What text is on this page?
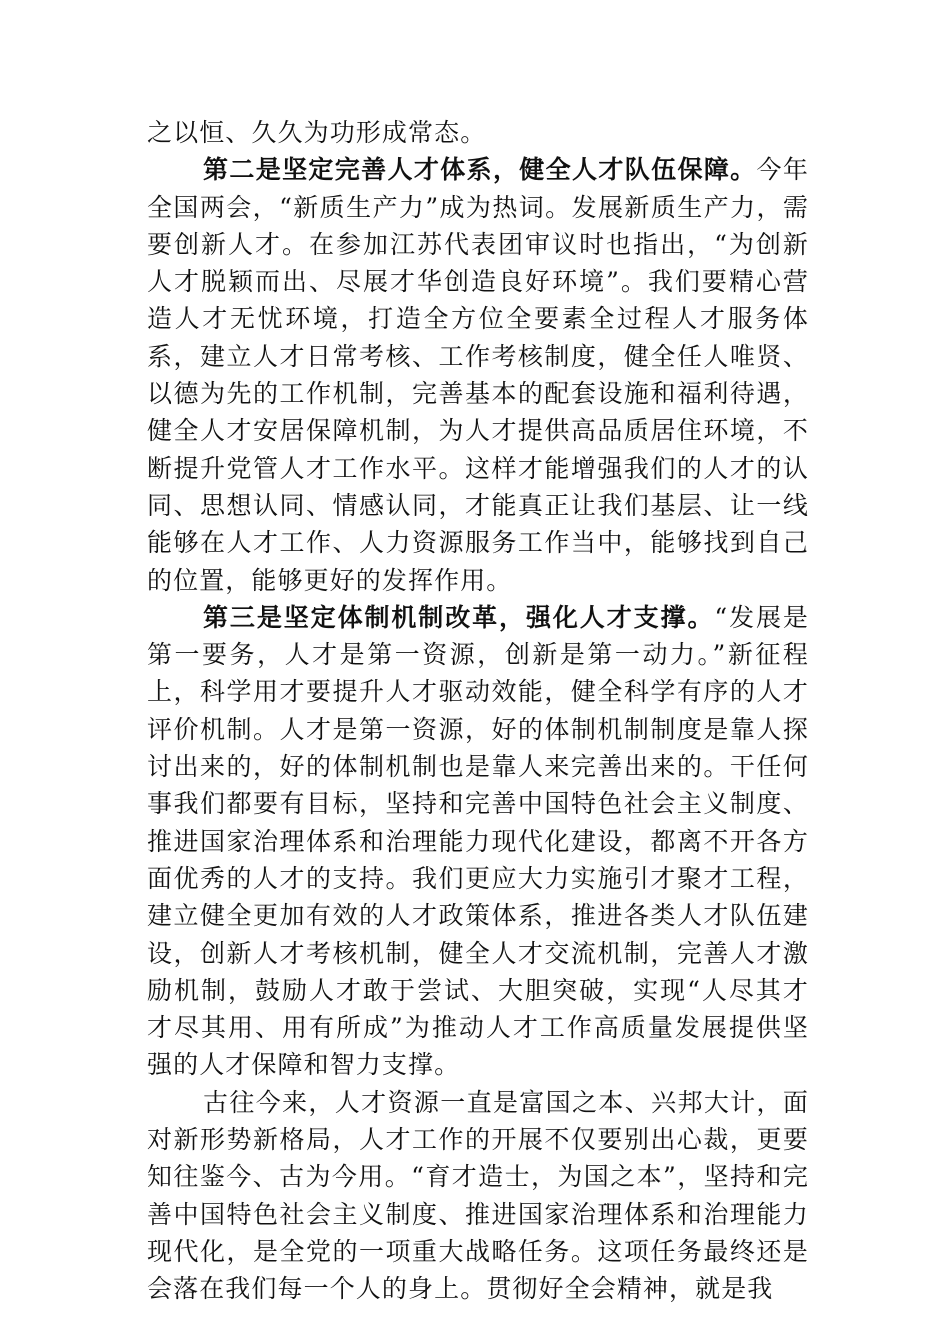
之以恒、久久为功形成常态。

第二是坚定完善人才体系，健全人才队伍保障。今年全国两会，“新质生产力”成为热词。发展新质生产力，需要创新人才。在参加江苏代表团审议时也指出，“为创新人才脱颖而出、尽展才华创造良好环境”。我们要精心营造人才无忧环境，打造全方位全要素全过程人才服务体系，建立人才日常考核、工作考核制度，健全任人唯贤、以德为先的工作机制，完善基本的配套设施和福利待遇，健全人才安居保障机制，为人才提供高品质居住环境，不断提升党管人才工作水平。这样才能增强我们的人才的认同、思想认同、情感认同，才能真正让我们基层、让一线能够在人才工作、人力资源服务工作当中，能够找到自己的位置，能够更好的发挥作用。

第三是坚定体制机制改革，强化人才支撑。“发展是第一要务，人才是第一资源，创新是第一动力。”新征程上，科学用才要提升人才驱动效能，健全科学有序的人才评价机制。人才是第一资源，好的体制机制制度是靠人探讨出来的，好的体制机制也是靠人来完善出来的。干任何事我们都要有目标，坚持和完善中国特色社会主义制度、推进国家治理体系和治理能力现代化建设，都离不开各方面优秀的人才的支持。我们更应大力实施引才聚才工程，建立健全更加有效的人才政策体系，推进各类人才队伍建设，创新人才考核机制，健全人才交流机制，完善人才激励机制，鼓励人才敢于尝试、大胆突破，实现“人尽其才才尽其用、用有所成”为推动人才工作高质量发展提供坚强的人才保障和智力支撑。

古往今来，人才资源一直是富国之本、兴邦大计，面对新形势新格局，人才工作的开展不仅要别出心裁，更要知往鉴今、古为今用。“育才造士，为国之本”，坚持和完善中国特色社会主义制度、推进国家治理体系和治理能力现代化，是全党的一项重大战略任务。这项任务最终还是会落在我们每一个人的身上。贯彻好全会精神，就是我
